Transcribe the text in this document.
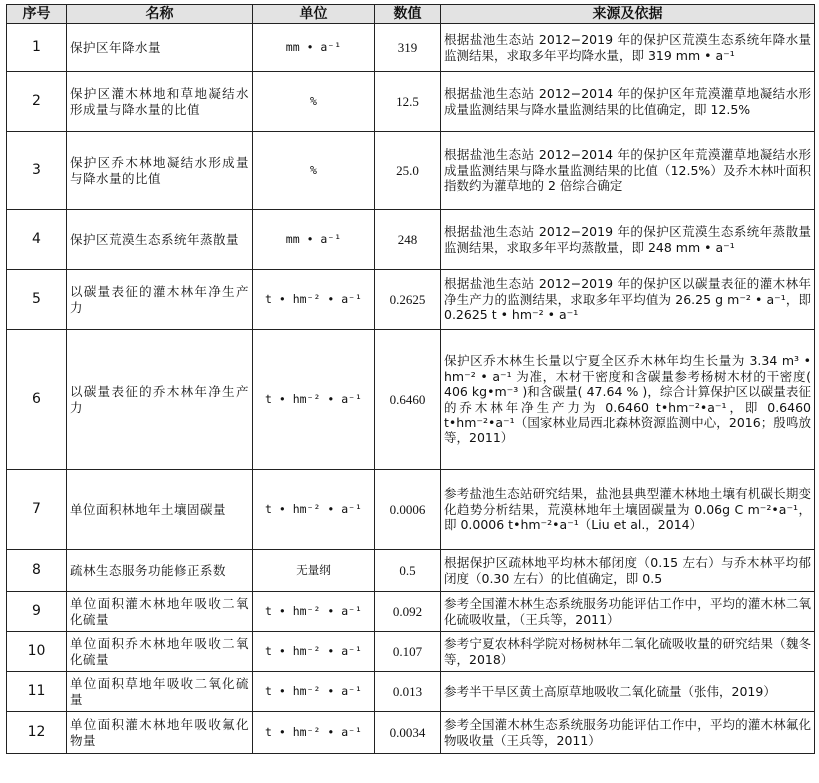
序号	名称	单位	数值	来源及依据
1	保护区年降水量	mm • a⁻¹	319	根据盐池生态站 2012−2019 年的保护区荒漠生态系统年降水量监测结果，求取多年平均降水量，即 319 mm • a⁻¹
2	保护区灌木林地和草地凝结水形成量与降水量的比值	%	12.5	根据盐池生态站 2012−2014 年的保护区年荒漠灌草地凝结水形成量监测结果与降水量监测结果的比值确定，即 12.5%
3	保护区乔木林地凝结水形成量与降水量的比值	%	25.0	根据盐池生态站 2012−2014 年的保护区年荒漠灌草地凝结水形成量监测结果与降水量监测结果的比值（12.5%）及乔木林叶面积指数约为灌草地的 2 倍综合确定
4	保护区荒漠生态系统年蒸散量	mm • a⁻¹	248	根据盐池生态站 2012−2019 年的保护区荒漠生态系统年蒸散量监测结果，求取多年平均蒸散量，即 248 mm • a⁻¹
5	以碳量表征的灌木林年净生产力	t • hm⁻² • a⁻¹	0.2625	根据盐池生态站 2012−2019 年的保护区以碳量表征的灌木林年净生产力的监测结果，求取多年平均值为 26.25 g m⁻² • a⁻¹，即 0.2625 t • hm⁻² • a⁻¹
6	以碳量表征的乔木林年净生产力	t • hm⁻² • a⁻¹	0.6460	保护区乔木林生长量以宁夏全区乔木林年均生长量为 3.34 m³ • hm⁻² • a⁻¹ 为准，木材干密度和含碳量参考杨树木材的干密度( 406 kg•m⁻³ )和含碳量( 47.64 % )，综合计算保护区以碳量表征的乔木林年净生产力为 0.6460 t•hm⁻²•a⁻¹，即 0.6460 t•hm⁻²•a⁻¹（国家林业局西北森林资源监测中心，2016；殷鸣放等，2011）
7	单位面积林地年土壤固碳量	t • hm⁻² • a⁻¹	0.0006	参考盐池生态站研究结果，盐池县典型灌木林地土壤有机碳长期变化趋势分析结果，荒漠林地年土壤固碳量为 0.06g C m⁻²•a⁻¹，即 0.0006 t•hm⁻²•a⁻¹（Liu et al.，2014）
8	疏林生态服务功能修正系数	无量纲	0.5	根据保护区疏林地平均林木郁闭度（0.15 左右）与乔木林平均郁闭度（0.30 左右）的比值确定，即 0.5
9	单位面积灌木林地年吸收二氧化硫量	t • hm⁻² • a⁻¹	0.092	参考全国灌木林生态系统服务功能评估工作中，平均的灌木林二氧化硫吸收量，（王兵等，2011）
10	单位面积乔木林地年吸收二氧化硫量	t • hm⁻² • a⁻¹	0.107	参考宁夏农林科学院对杨树林年二氧化硫吸收量的研究结果（魏冬等，2018）
11	单位面积草地年吸收二氧化硫量	t • hm⁻² • a⁻¹	0.013	参考半干旱区黄土高原草地吸收二氧化硫量（张伟，2019）
12	单位面积灌木林地年吸收氟化物量	t • hm⁻² • a⁻¹	0.0034	参考全国灌木林生态系统服务功能评估工作中，平均的灌木林氟化物吸收量（王兵等，2011）
